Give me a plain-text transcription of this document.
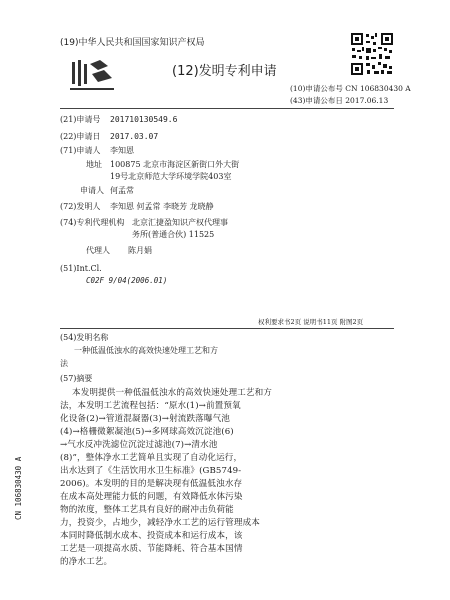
(19)中华人民共和国国家知识产权局
(12)发明专利申请
(10)申请公布号 CN 106830430 A
(43)申请公布日 2017.06.13
(21)申请号 201710130549.6
(22)申请日 2017.03.07
(71)申请人 李知恩
地址 100875 北京市海淀区新街口外大街
19号北京师范大学环境学院403室
申请人 何孟常
(72)发明人 李知恩 何孟常 李晓芳 龙晓静
(74)专利代理机构 北京汇捷盈知识产权代理事
务所(普通合伙) 11525
代理人 陈月娟
(51)Int.Cl.
C02F 9/04(2006.01)
权利要求书2页 说明书11页 附图2页
(54)发明名称
一种低温低浊水的高效快速处理工艺和方
法
(57)摘要
本发明提供一种低温低浊水的高效快速处理工艺和方
法，本发明工艺流程包括：“原水(1)→前置预氧
化设备(2)→管道混凝器(3)→射流跌落曝气池
(4)→格栅微絮凝池(5)→多网球高效沉淀池(6)
→气水反冲洗滤位沉淀过滤池(7)→清水池
(8)”，整体净水工艺简单且实现了自动化运行，
出水达到了《生活饮用水卫生标准》(GB5749-
2006)。本发明的目的是解决现有低温低浊水存
在成本高处理能力低的问题，有效降低水体污染
物的浓度，整体工艺具有良好的耐冲击负荷能
力，投资少，占地少，减轻净水工艺的运行管理成本
本同时降低制水成本、投资成本和运行成本，该
工艺是一项提高水质、节能降耗、符合基本国情
的净水工艺。
CN 106830430 A
